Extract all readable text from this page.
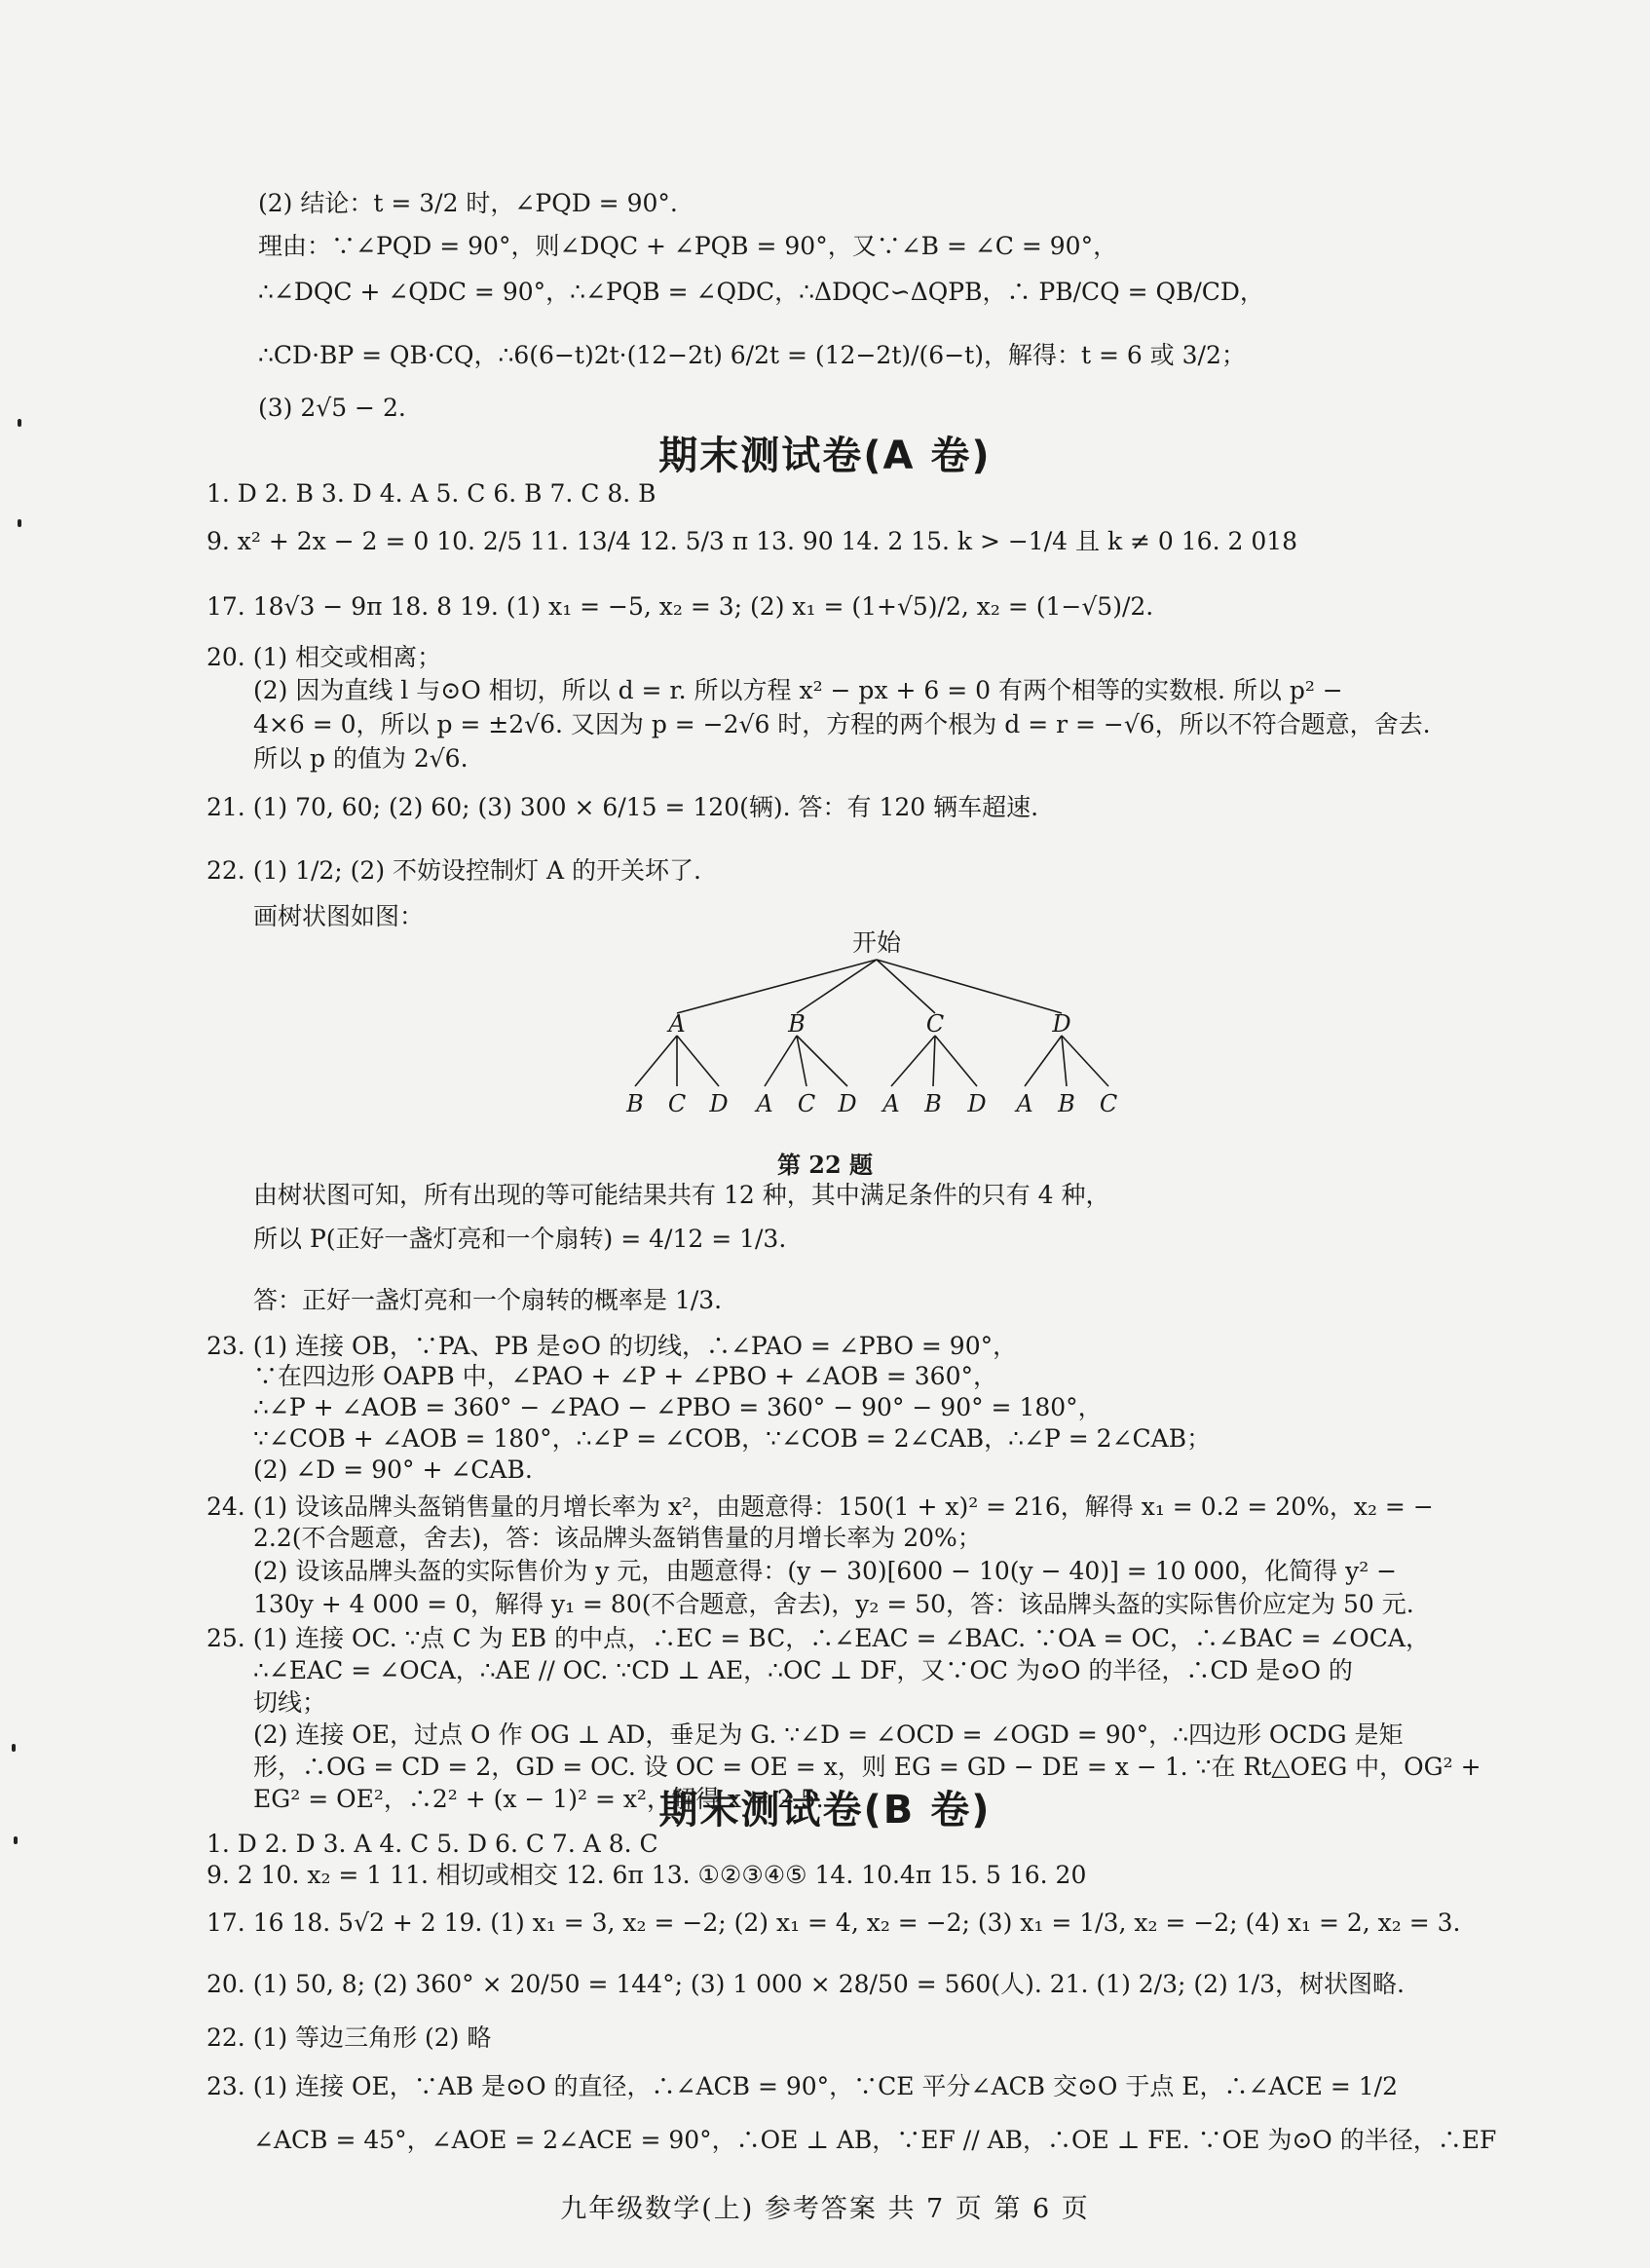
(2) 结论：t = 3/2 时，∠PQD = 90°.
理由：∵∠PQD = 90°，则∠DQC + ∠PQB = 90°，又∵∠B = ∠C = 90°，
∴∠DQC + ∠QDC = 90°，∴∠PQB = ∠QDC，∴ΔDQC∽ΔQPB，∴ PB/CQ = QB/CD，
∴CD·BP = QB·CQ，∴6(6−t)2t·(12−2t) 6/2t = (12−2t)/(6−t)，解得：t = 6 或 3/2；
(3) 2√5 − 2.
期末测试卷(A 卷)
1. D 2. B 3. D 4. A 5. C 6. B 7. C 8. B
9. x² + 2x − 2 = 0 10. 2/5 11. 13/4 12. 5/3 π 13. 90 14. 2 15. k > −1/4 且 k ≠ 0 16. 2 018
17. 18√3 − 9π 18. 8 19. (1) x₁ = −5, x₂ = 3; (2) x₁ = (1+√5)/2, x₂ = (1−√5)/2.
20. (1) 相交或相离；
(2) 因为直线 l 与⊙O 相切，所以 d = r. 所以方程 x² − px + 6 = 0 有两个相等的实数根. 所以 p² −
4×6 = 0，所以 p = ±2√6. 又因为 p = −2√6 时，方程的两个根为 d = r = −√6，所以不符合题意，舍去.
所以 p 的值为 2√6.
21. (1) 70, 60; (2) 60; (3) 300 × 6/15 = 120(辆). 答：有 120 辆车超速.
22. (1) 1/2; (2) 不妨设控制灯 A 的开关坏了.
画树状图如图：
开始
A	B	C	D
B C D A C D A B D A B C
第 22 题
由树状图可知，所有出现的等可能结果共有 12 种，其中满足条件的只有 4 种，
所以 P(正好一盏灯亮和一个扇转) = 4/12 = 1/3.
答：正好一盏灯亮和一个扇转的概率是 1/3.
23. (1) 连接 OB，∵PA、PB 是⊙O 的切线，∴∠PAO = ∠PBO = 90°，
∵在四边形 OAPB 中，∠PAO + ∠P + ∠PBO + ∠AOB = 360°，
∴∠P + ∠AOB = 360° − ∠PAO − ∠PBO = 360° − 90° − 90° = 180°，
∵∠COB + ∠AOB = 180°，∴∠P = ∠COB，∵∠COB = 2∠CAB，∴∠P = 2∠CAB；
(2) ∠D = 90° + ∠CAB.
24. (1) 设该品牌头盔销售量的月增长率为 x²，由题意得：150(1 + x)² = 216，解得 x₁ = 0.2 = 20%，x₂ = −
2.2(不合题意，舍去)，答：该品牌头盔销售量的月增长率为 20%；
(2) 设该品牌头盔的实际售价为 y 元，由题意得：(y − 30)[600 − 10(y − 40)] = 10 000，化简得 y² −
130y + 4 000 = 0，解得 y₁ = 80(不合题意，舍去)，y₂ = 50，答：该品牌头盔的实际售价应定为 50 元.
25. (1) 连接 OC. ∵点 C 为 EB 的中点，∴EC = BC，∴∠EAC = ∠BAC. ∵OA = OC，∴∠BAC = ∠OCA，
∴∠EAC = ∠OCA，∴AE // OC. ∵CD ⊥ AE，∴OC ⊥ DF，又∵OC 为⊙O 的半径，∴CD 是⊙O 的
切线；
(2) 连接 OE，过点 O 作 OG ⊥ AD，垂足为 G. ∵∠D = ∠OCD = ∠OGD = 90°，∴四边形 OCDG 是矩
形，∴OG = CD = 2，GD = OC. 设 OC = OE = x，则 EG = GD − DE = x − 1. ∵在 Rt△OEG 中，OG² +
EG² = OE²，∴2² + (x − 1)² = x²，解得 x = 2.5.
期末测试卷(B 卷)
1. D 2. D 3. A 4. C 5. D 6. C 7. A 8. C
9. 2 10. x₂ = 1 11. 相切或相交 12. 6π 13. ①②③④⑤ 14. 10.4π 15. 5 16. 20
17. 16 18. 5√2 + 2 19. (1) x₁ = 3, x₂ = −2; (2) x₁ = 4, x₂ = −2; (3) x₁ = 1/3, x₂ = −2; (4) x₁ = 2, x₂ = 3.
20. (1) 50, 8; (2) 360° × 20/50 = 144°; (3) 1 000 × 28/50 = 560(人). 21. (1) 2/3; (2) 1/3，树状图略.
22. (1) 等边三角形 (2) 略
23. (1) 连接 OE，∵AB 是⊙O 的直径，∴∠ACB = 90°，∵CE 平分∠ACB 交⊙O 于点 E，∴∠ACE = 1/2
∠ACB = 45°，∠AOE = 2∠ACE = 90°，∴OE ⊥ AB，∵EF // AB，∴OE ⊥ FE. ∵OE 为⊙O 的半径，∴EF
九年级数学(上) 参考答案 共 7 页 第 6 页
